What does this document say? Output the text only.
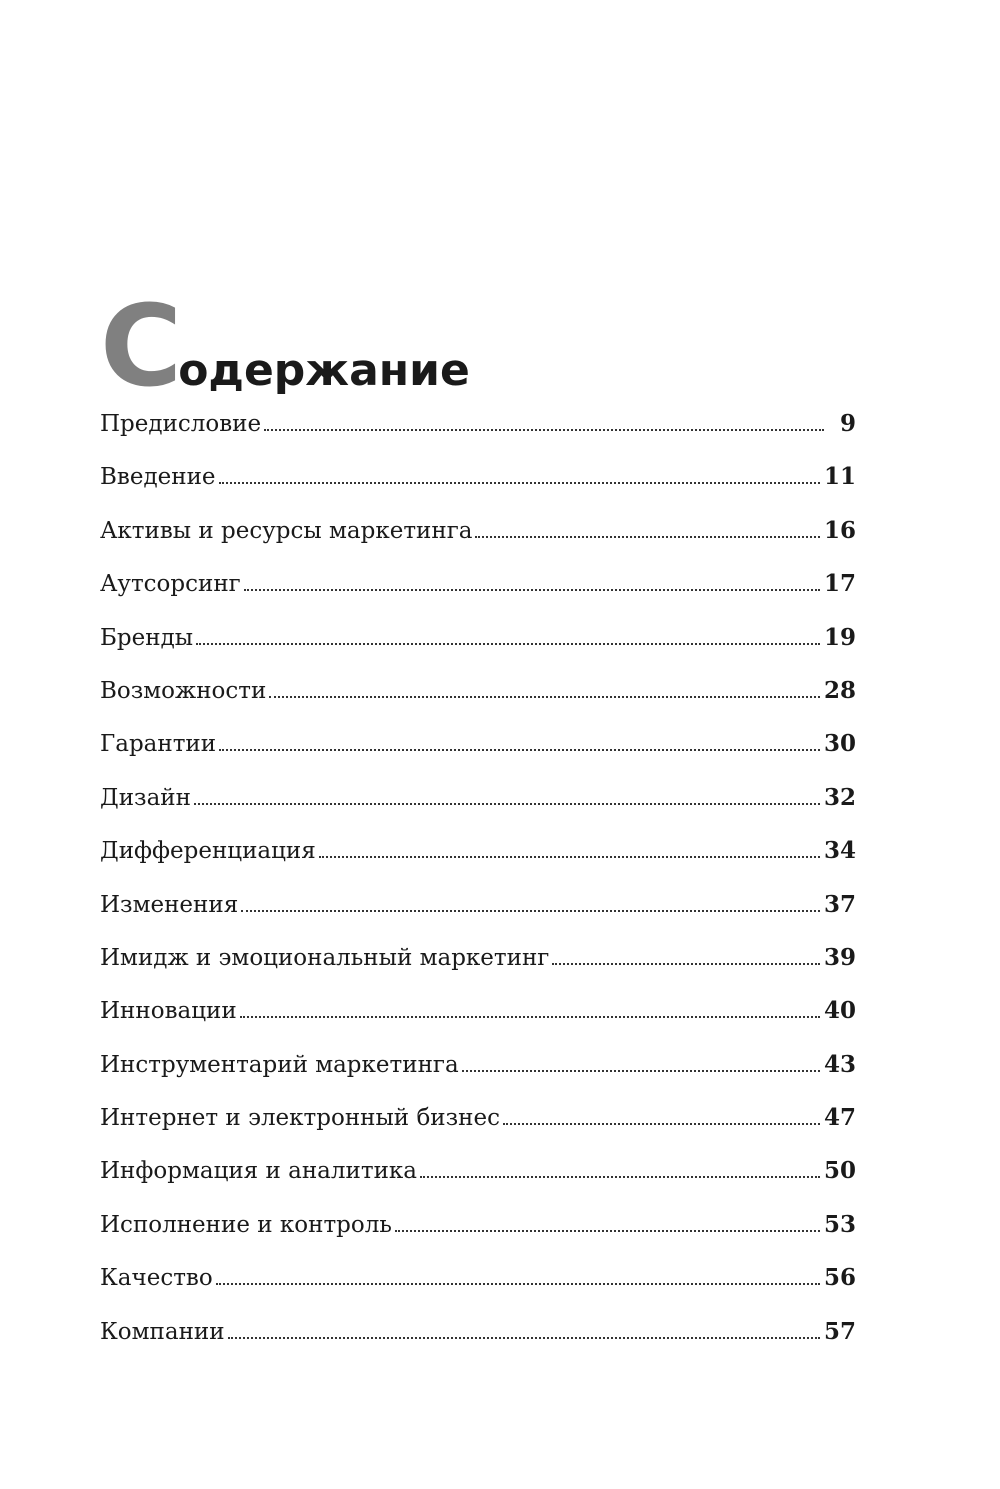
С одержание
Предисловие	9
Введение	11
Активы и ресурсы маркетинга	16
Аутсорсинг	17
Бренды	19
Возможности	28
Гарантии	30
Дизайн	32
Дифференциация	34
Изменения	37
Имидж и эмоциональный маркетинг	39
Инновации	40
Инструментарий маркетинга	43
Интернет и электронный бизнес	47
Информация и аналитика	50
Исполнение и контроль	53
Качество	56
Компании	57
